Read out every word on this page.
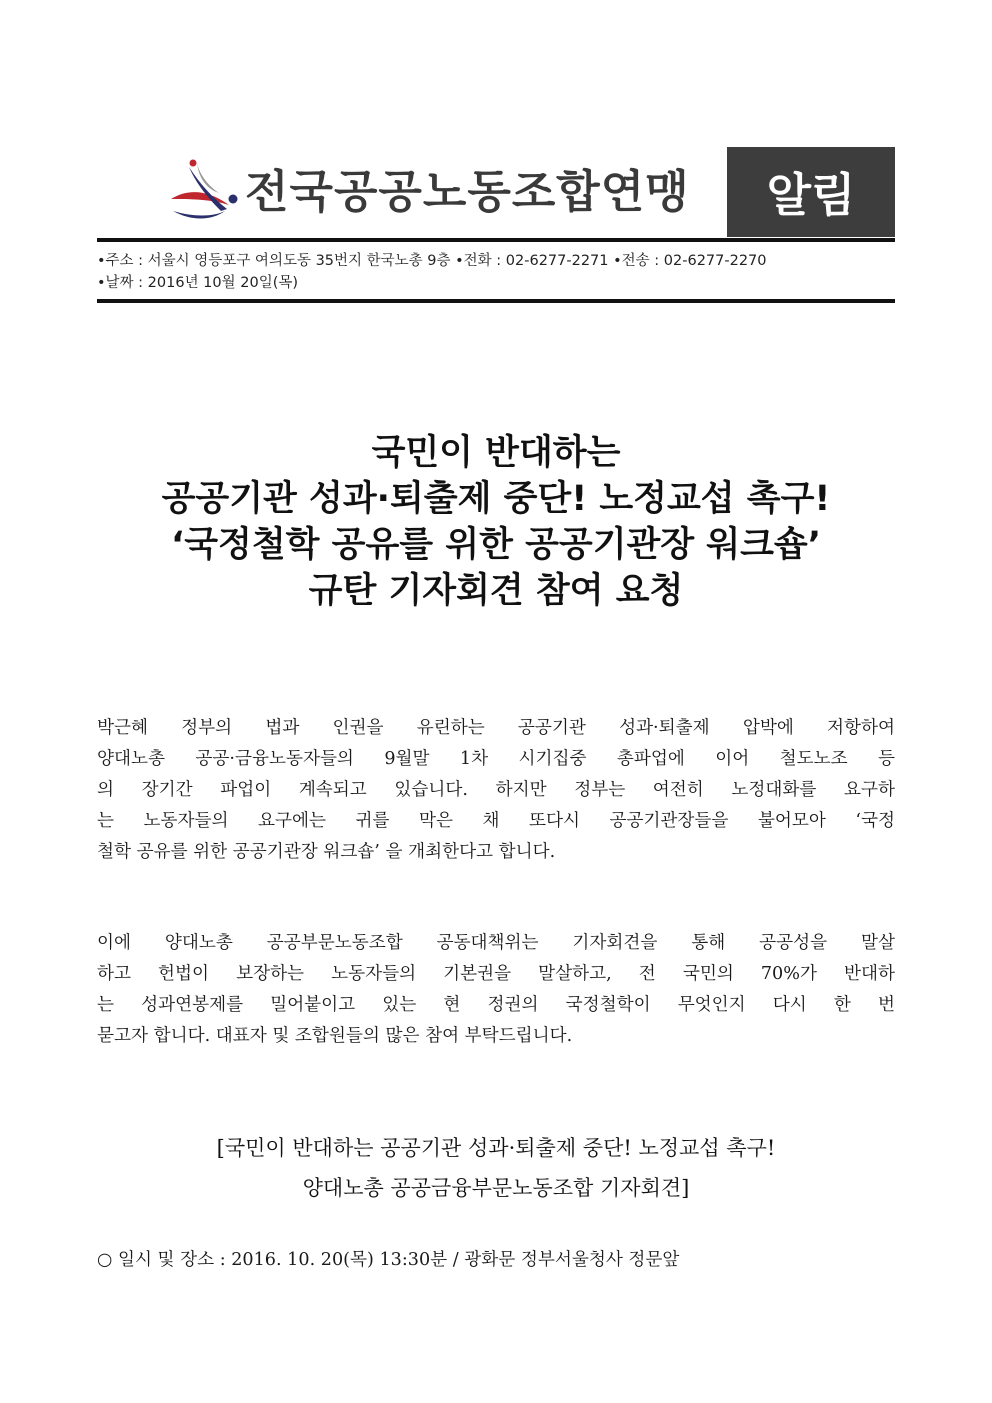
전국공공노동조합연맹 알림
•주소 : 서울시 영등포구 여의도동 35번지 한국노총 9층 •전화 : 02-6277-2271 •전송 : 02-6277-2270
•날짜 : 2016년 10월 20일(목)
국민이 반대하는
공공기관 성과·퇴출제 중단! 노정교섭 촉구!
‘국정철학 공유를 위한 공공기관장 워크숍’
규탄 기자회견 참여 요청
박근혜 정부의 법과 인권을 유린하는 공공기관 성과·퇴출제 압박에 저항하여
양대노총 공공·금융노동자들의 9월말 1차 시기집중 총파업에 이어 철도노조 등
의 장기간 파업이 계속되고 있습니다. 하지만 정부는 여전히 노정대화를 요구하
는 노동자들의 요구에는 귀를 막은 채 또다시 공공기관장들을 불어모아 ‘국정
철학 공유를 위한 공공기관장 워크숍’ 을 개최한다고 합니다.
이에 양대노총 공공부문노동조합 공동대책위는 기자회견을 통해 공공성을 말살
하고 헌법이 보장하는 노동자들의 기본권을 말살하고, 전 국민의 70%가 반대하
는 성과연봉제를 밀어붙이고 있는 현 정권의 국정철학이 무엇인지 다시 한 번
묻고자 합니다. 대표자 및 조합원들의 많은 참여 부탁드립니다.
[국민이 반대하는 공공기관 성과·퇴출제 중단! 노정교섭 촉구!
양대노총 공공금융부문노동조합 기자회견]
○ 일시 및 장소 : 2016. 10. 20(목) 13:30분 / 광화문 정부서울청사 정문앞
